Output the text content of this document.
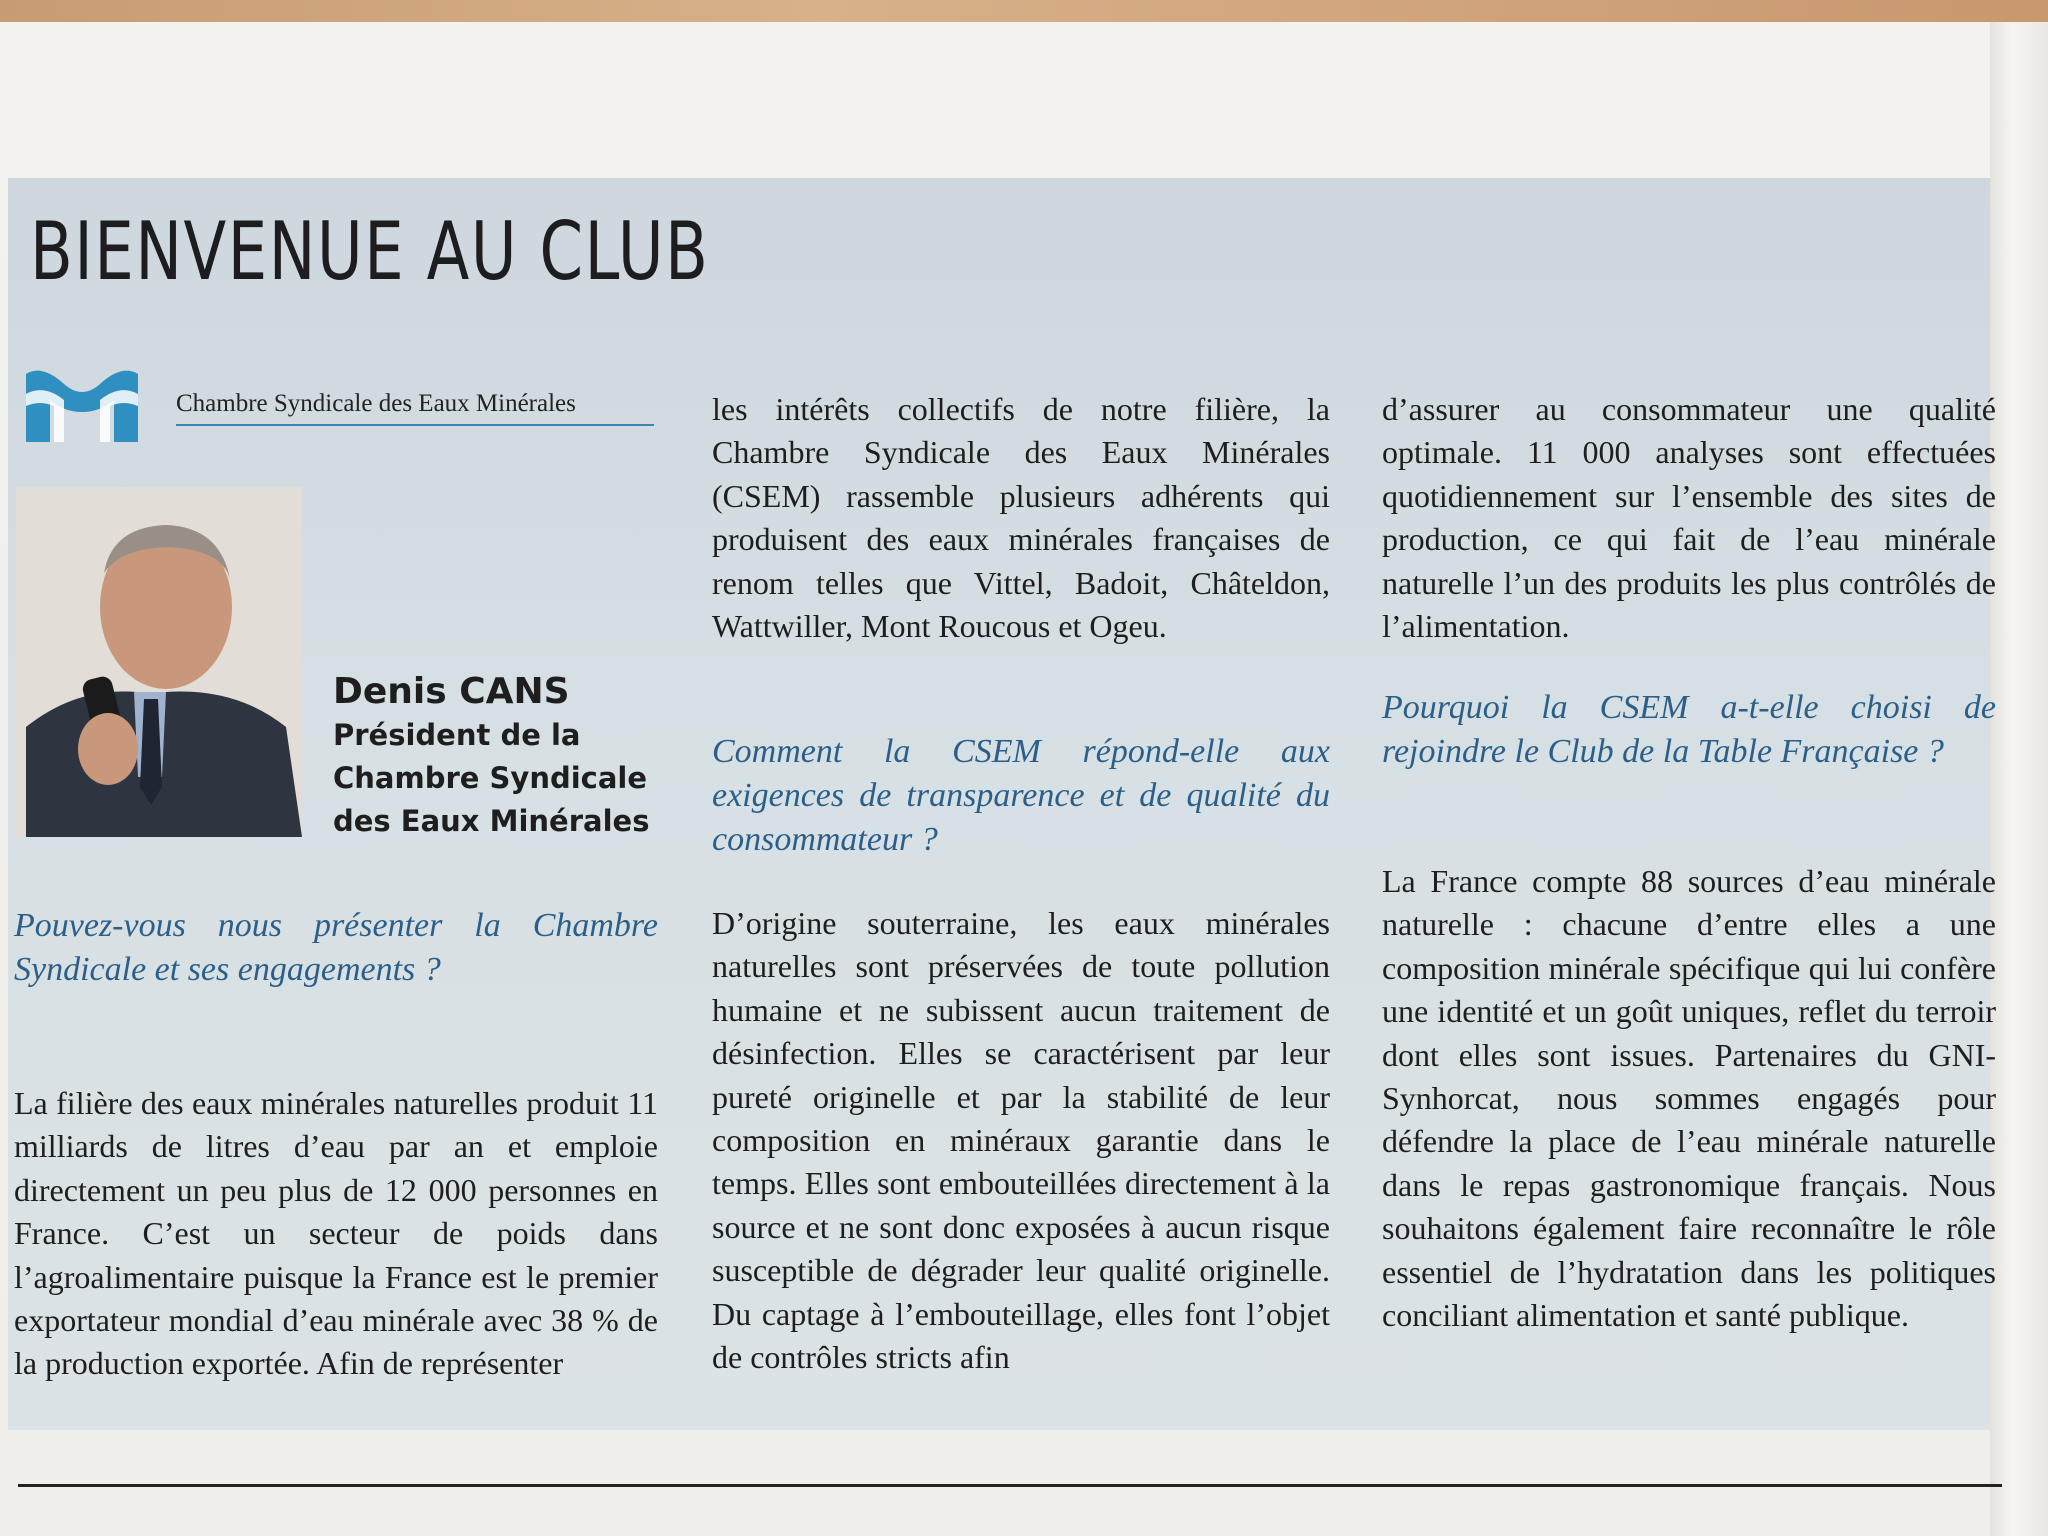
BIENVENUE AU CLUB
Chambre Syndicale des Eaux Minérales
Denis CANS
Président de la
Chambre Syndicale
des Eaux Minérales

Pouvez-vous nous présenter la Chambre Syndicale et ses engagements ?

La filière des eaux minérales naturelles produit 11 milliards de litres d’eau par an et emploie directement un peu plus de 12 000 personnes en France. C’est un secteur de poids dans l’agroalimentaire puisque la France est le premier exportateur mondial d’eau minérale avec 38 % de la production exportée. Afin de représenter

les intérêts collectifs de notre filière, la Chambre Syndicale des Eaux Minérales (CSEM) rassemble plusieurs adhérents qui produisent des eaux minérales françaises de renom telles que Vittel, Badoit, Châteldon, Wattwiller, Mont Roucous et Ogeu.

Comment la CSEM répond-elle aux exigences de transparence et de qualité du consommateur ?

D’origine souterraine, les eaux minérales naturelles sont préservées de toute pollution humaine et ne subissent aucun traitement de désinfection. Elles se caractérisent par leur pureté originelle et par la stabilité de leur composition en minéraux garantie dans le temps. Elles sont embouteillées directement à la source et ne sont donc exposées à aucun risque susceptible de dégrader leur qualité originelle. Du captage à l’embouteillage, elles font l’objet de contrôles stricts afin

d’assurer au consommateur une qualité optimale. 11 000 analyses sont effectuées quotidiennement sur l’ensemble des sites de production, ce qui fait de l’eau minérale naturelle l’un des produits les plus contrôlés de l’alimentation.

Pourquoi la CSEM a-t-elle choisi de rejoindre le Club de la Table Française ?

La France compte 88 sources d’eau minérale naturelle : chacune d’entre elles a une composition minérale spécifique qui lui confère une identité et un goût uniques, reflet du terroir dont elles sont issues. Partenaires du GNI-Synhorcat, nous sommes engagés pour défendre la place de l’eau minérale naturelle dans le repas gastronomique français. Nous souhaitons également faire reconnaître le rôle essentiel de l’hydratation dans les politiques conciliant alimentation et santé publique.
